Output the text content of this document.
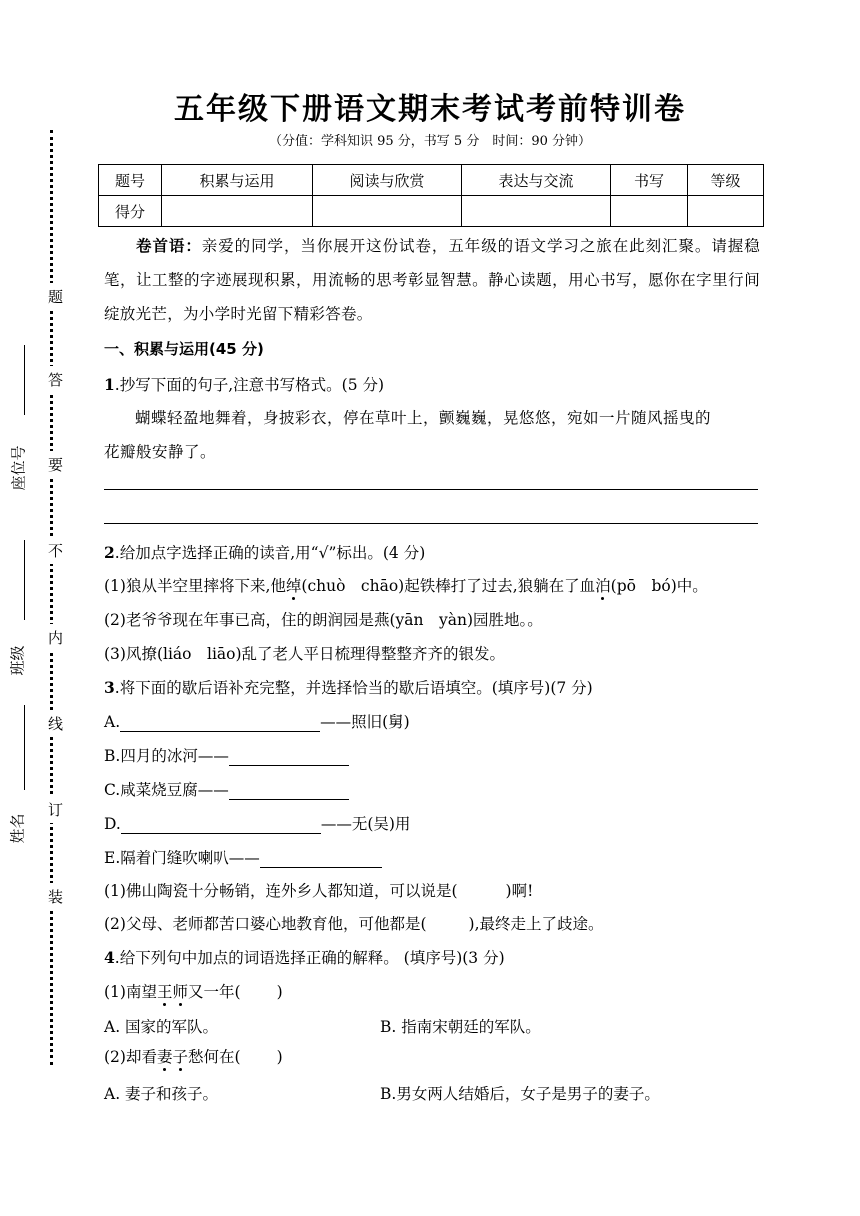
题
答
要
不
内
线
订
装
座位号
班级
姓名
五年级下册语文期末考试考前特训卷
（分值：学科知识 95 分，书写 5 分　时间：90 分钟）
题号	积累与运用	阅读与欣赏	表达与交流	书写	等级
得分					
卷首语：亲爱的同学，当你展开这份试卷，五年级的语文学习之旅在此刻汇聚。请握稳笔，让工整的字迹展现积累，用流畅的思考彰显智慧。静心读题，用心书写，愿你在字里行间绽放光芒，为小学时光留下精彩答卷。
一、积累与运用(45 分)
1.抄写下面的句子,注意书写格式。(5 分)
蝴蝶轻盈地舞着，身披彩衣，停在草叶上，颤巍巍，晃悠悠，宛如一片随风摇曳的
花瓣般安静了。
2.给加点字选择正确的读音,用“√”标出。(4 分)
(1)狼从半空里摔将下来,他绰(chuò　chāo)起铁棒打了过去,狼躺在了血泊(pō　bó)中。
(2)老爷爷现在年事已高，住的朗润园是燕(yān　yàn)园胜地。。
(3)风撩(liáo　liāo)乱了老人平日梳理得整整齐齐的银发。
3.将下面的歇后语补充完整，并选择恰当的歇后语填空。(填序号)(7 分)
A.	——照旧(舅)
B.四月的冰河——
C.咸菜烧豆腐——
D.	——无(吴)用
E.隔着门缝吹喇叭——
(1)佛山陶瓷十分畅销，连外乡人都知道，可以说是(	)啊!
(2)父母、老师都苦口婆心地教育他，可他都是(	),最终走上了歧途。
4.给下列句中加点的词语选择正确的解释。 (填序号)(3 分)
(1)南望王师又一年( )
A. 国家的军队。	B. 指南宋朝廷的军队。
(2)却看妻子愁何在( )
A. 妻子和孩子。	B.男女两人结婚后，女子是男子的妻子。
